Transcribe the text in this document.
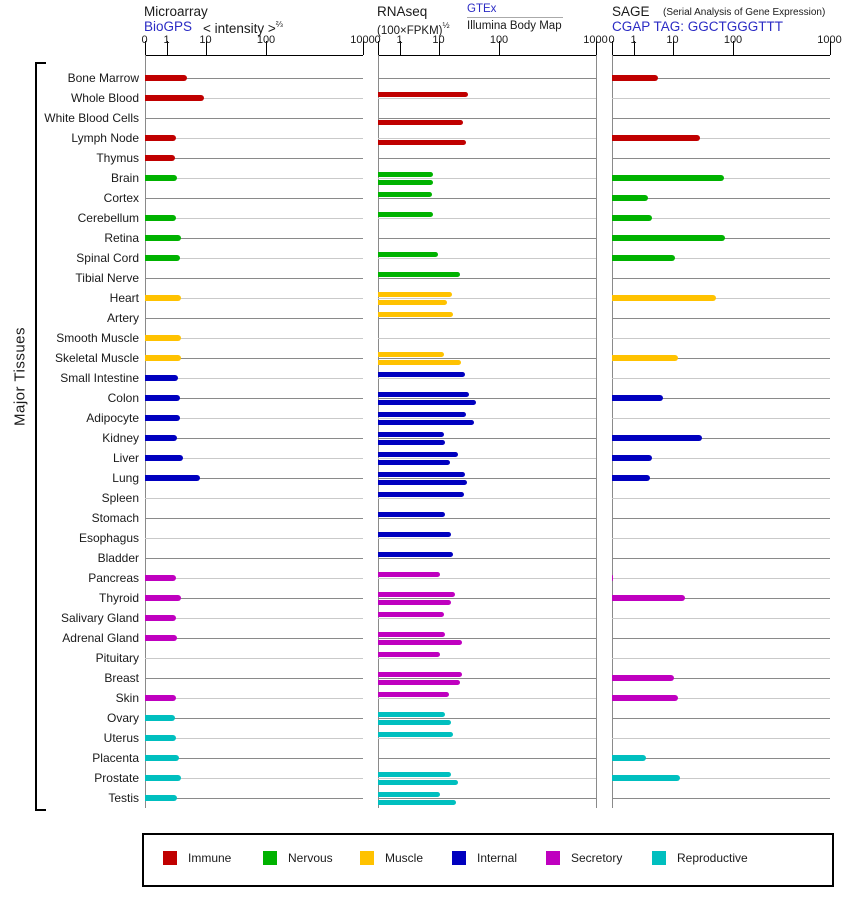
Microarray
BioGPS < intensity >$^{\frac{2}{3}}$
RNAseq
(100×FPKM)$^{\frac{1}{2}}$
GTEx
Illumina Body Map
SAGE (Serial Analysis of Gene Expression)
CGAP TAG: GGCTGGGTTT
Major Tissues
0 1	10	100	1000 0 1	10	100	1000 0 1	10	100	1000
Bone Marrow
Whole Blood
White Blood Cells
Lymph Node
Thymus
Brain
Cortex
Cerebellum
Retina
Spinal Cord
Tibial Nerve
Heart
Artery
Smooth Muscle
Skeletal Muscle
Small Intestine
Colon
Adipocyte
Kidney
Liver
Lung
Spleen
Stomach
Esophagus
Bladder
Pancreas
Thyroid
Salivary Gland
Adrenal Gland
Pituitary
Breast
Skin
Ovary
Uterus
Placenta
Prostate
Testis
Immune	Nervous	Muscle	Internal	Secretory	Reproductive
